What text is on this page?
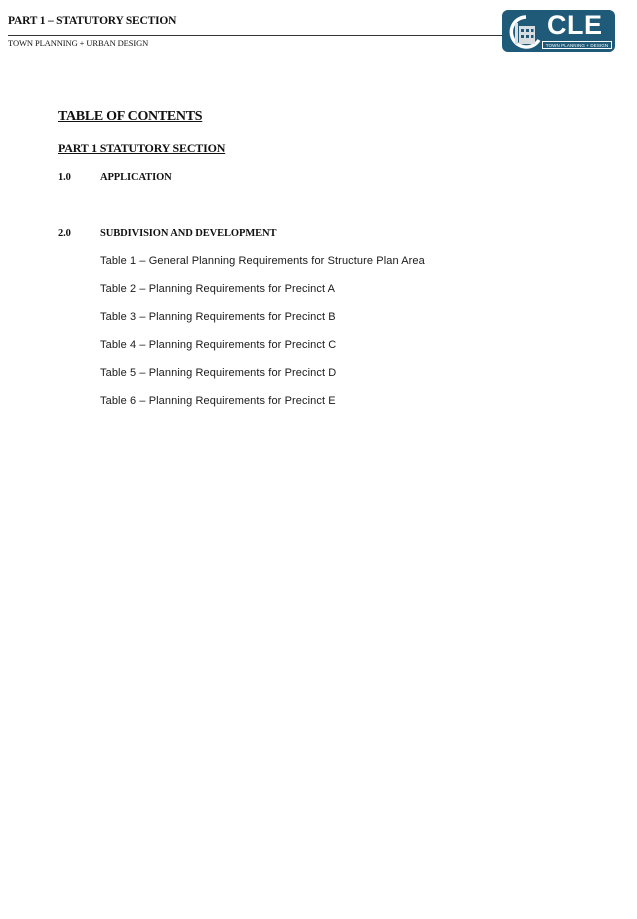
PART 1 – STATUTORY SECTION
TOWN PLANNING + URBAN DESIGN
CLE
TOWN PLANNING + DESIGN
TABLE OF CONTENTS
PART 1 STATUTORY SECTION
1.0	APPLICATION
2.0	SUBDIVISION AND DEVELOPMENT
Table 1 – General Planning Requirements for Structure Plan Area
Table 2 – Planning Requirements for Precinct A
Table 3 – Planning Requirements for Precinct B
Table 4 – Planning Requirements for Precinct C
Table 5 – Planning Requirements for Precinct D
Table 6 – Planning Requirements for Precinct E
